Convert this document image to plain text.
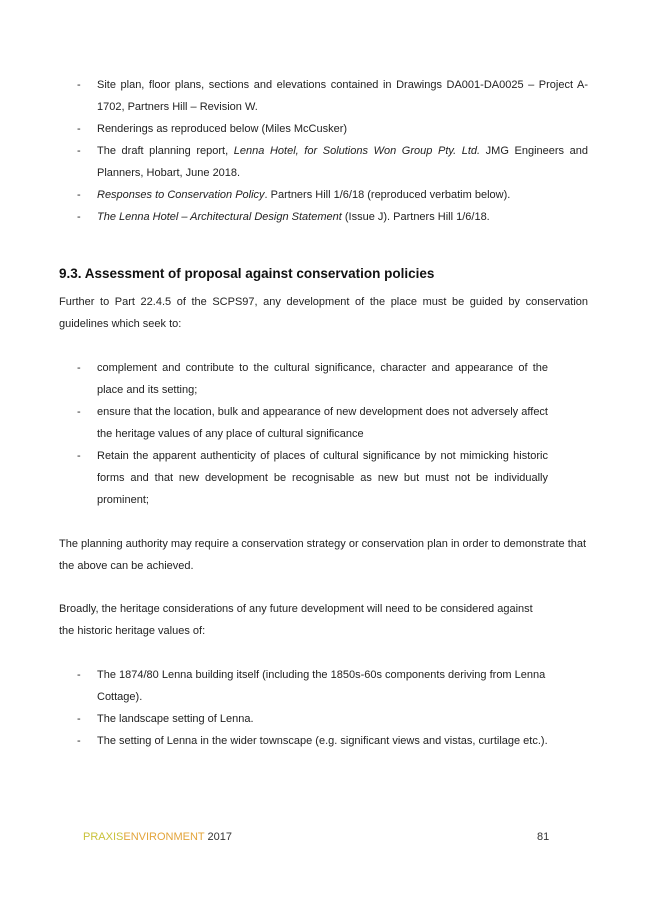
- Site plan, floor plans, sections and elevations contained in Drawings DA001-DA0025 – Project A-1702, Partners Hill – Revision W.
- Renderings as reproduced below (Miles McCusker)
- The draft planning report, Lenna Hotel, for Solutions Won Group Pty. Ltd. JMG Engineers and Planners, Hobart, June 2018.
- Responses to Conservation Policy. Partners Hill 1/6/18 (reproduced verbatim below).
- The Lenna Hotel – Architectural Design Statement (Issue J). Partners Hill 1/6/18.
9.3. Assessment of proposal against conservation policies

Further to Part 22.4.5 of the SCPS97, any development of the place must be guided by conservation guidelines which seek to:

- complement and contribute to the cultural significance, character and appearance of the place and its setting;
- ensure that the location, bulk and appearance of new development does not adversely affect the heritage values of any place of cultural significance
- Retain the apparent authenticity of places of cultural significance by not mimicking historic forms and that new development be recognisable as new but must not be individually prominent;

The planning authority may require a conservation strategy or conservation plan in order to demonstrate that the above can be achieved.

Broadly, the heritage considerations of any future development will need to be considered against
the historic heritage values of:
- The 1874/80 Lenna building itself (including the 1850s-60s components deriving from Lenna Cottage).
- The landscape setting of Lenna.
- The setting of Lenna in the wider townscape (e.g. significant views and vistas, curtilage etc.).
PRAXISENVIRONMENT 2017	81
